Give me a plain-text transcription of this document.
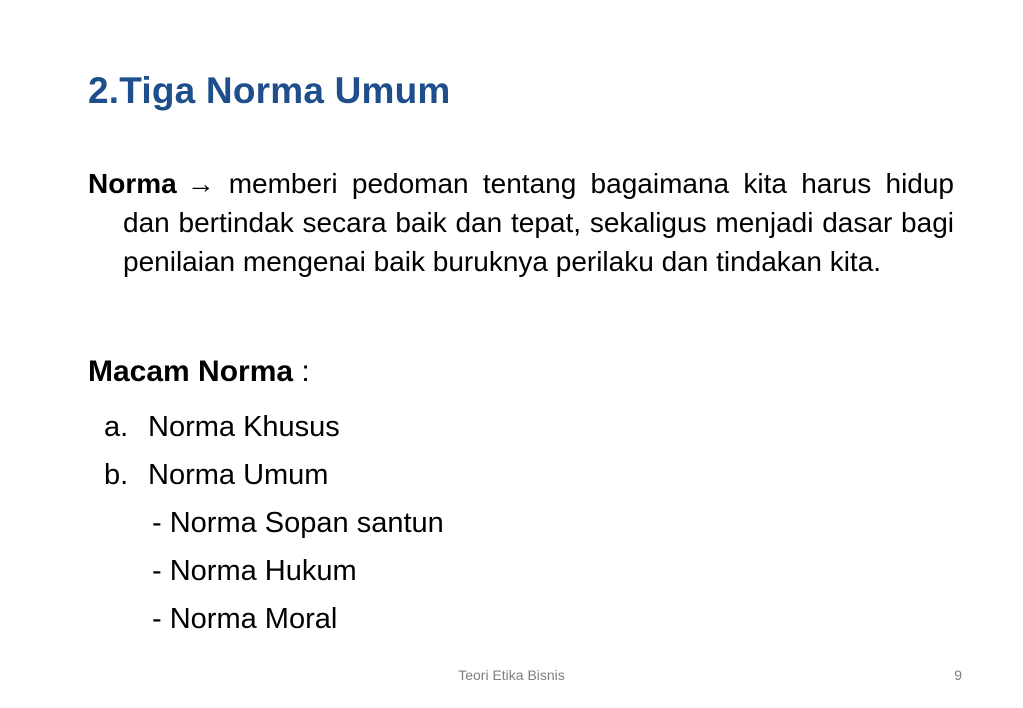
2.Tiga Norma Umum
Norma → memberi pedoman tentang bagaimana kita harus hidup dan bertindak secara baik dan tepat, sekaligus menjadi dasar bagi penilaian mengenai baik buruknya perilaku dan tindakan kita.
Macam Norma :
a. Norma Khusus
b. Norma Umum
- Norma Sopan santun
- Norma Hukum
- Norma Moral
Teori Etika Bisnis	9
